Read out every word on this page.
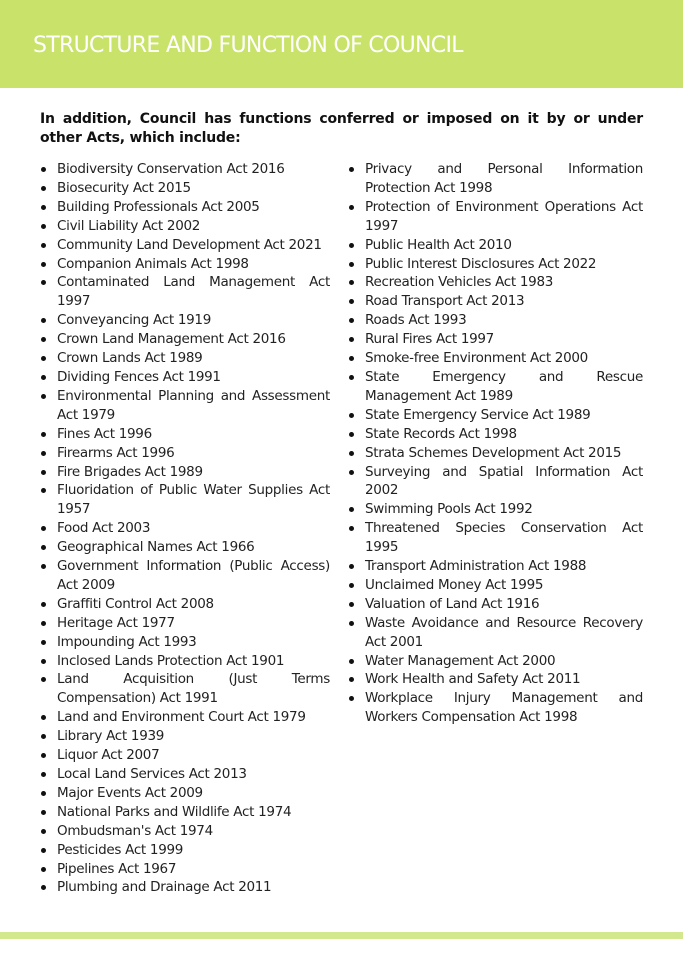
STRUCTURE AND FUNCTION OF COUNCIL

In addition, Council has functions conferred or imposed on it by or under other Acts, which include:

Biodiversity Conservation Act 2016
Biosecurity Act 2015
Building Professionals Act 2005
Civil Liability Act 2002
Community Land Development Act 2021
Companion Animals Act 1998
Contaminated Land Management Act 1997
Conveyancing Act 1919
Crown Land Management Act 2016
Crown Lands Act 1989
Dividing Fences Act 1991
Environmental Planning and Assessment Act 1979
Fines Act 1996
Firearms Act 1996
Fire Brigades Act 1989
Fluoridation of Public Water Supplies Act 1957
Food Act 2003
Geographical Names Act 1966
Government Information (Public Access) Act 2009
Graffiti Control Act 2008
Heritage Act 1977
Impounding Act 1993
Inclosed Lands Protection Act 1901
Land Acquisition (Just Terms Compensation) Act 1991
Land and Environment Court Act 1979
Library Act 1939
Liquor Act 2007
Local Land Services Act 2013
Major Events Act 2009
National Parks and Wildlife Act 1974
Ombudsman's Act 1974
Pesticides Act 1999
Pipelines Act 1967
Plumbing and Drainage Act 2011
Privacy and Personal Information Protection Act 1998
Protection of Environment Operations Act 1997
Public Health Act 2010
Public Interest Disclosures Act 2022
Recreation Vehicles Act 1983
Road Transport Act 2013
Roads Act 1993
Rural Fires Act 1997
Smoke-free Environment Act 2000
State Emergency and Rescue Management Act 1989
State Emergency Service Act 1989
State Records Act 1998
Strata Schemes Development Act 2015
Surveying and Spatial Information Act 2002
Swimming Pools Act 1992
Threatened Species Conservation Act 1995
Transport Administration Act 1988
Unclaimed Money Act 1995
Valuation of Land Act 1916
Waste Avoidance and Resource Recovery Act 2001
Water Management Act 2000
Work Health and Safety Act 2011
Workplace Injury Management and Workers Compensation Act 1998
